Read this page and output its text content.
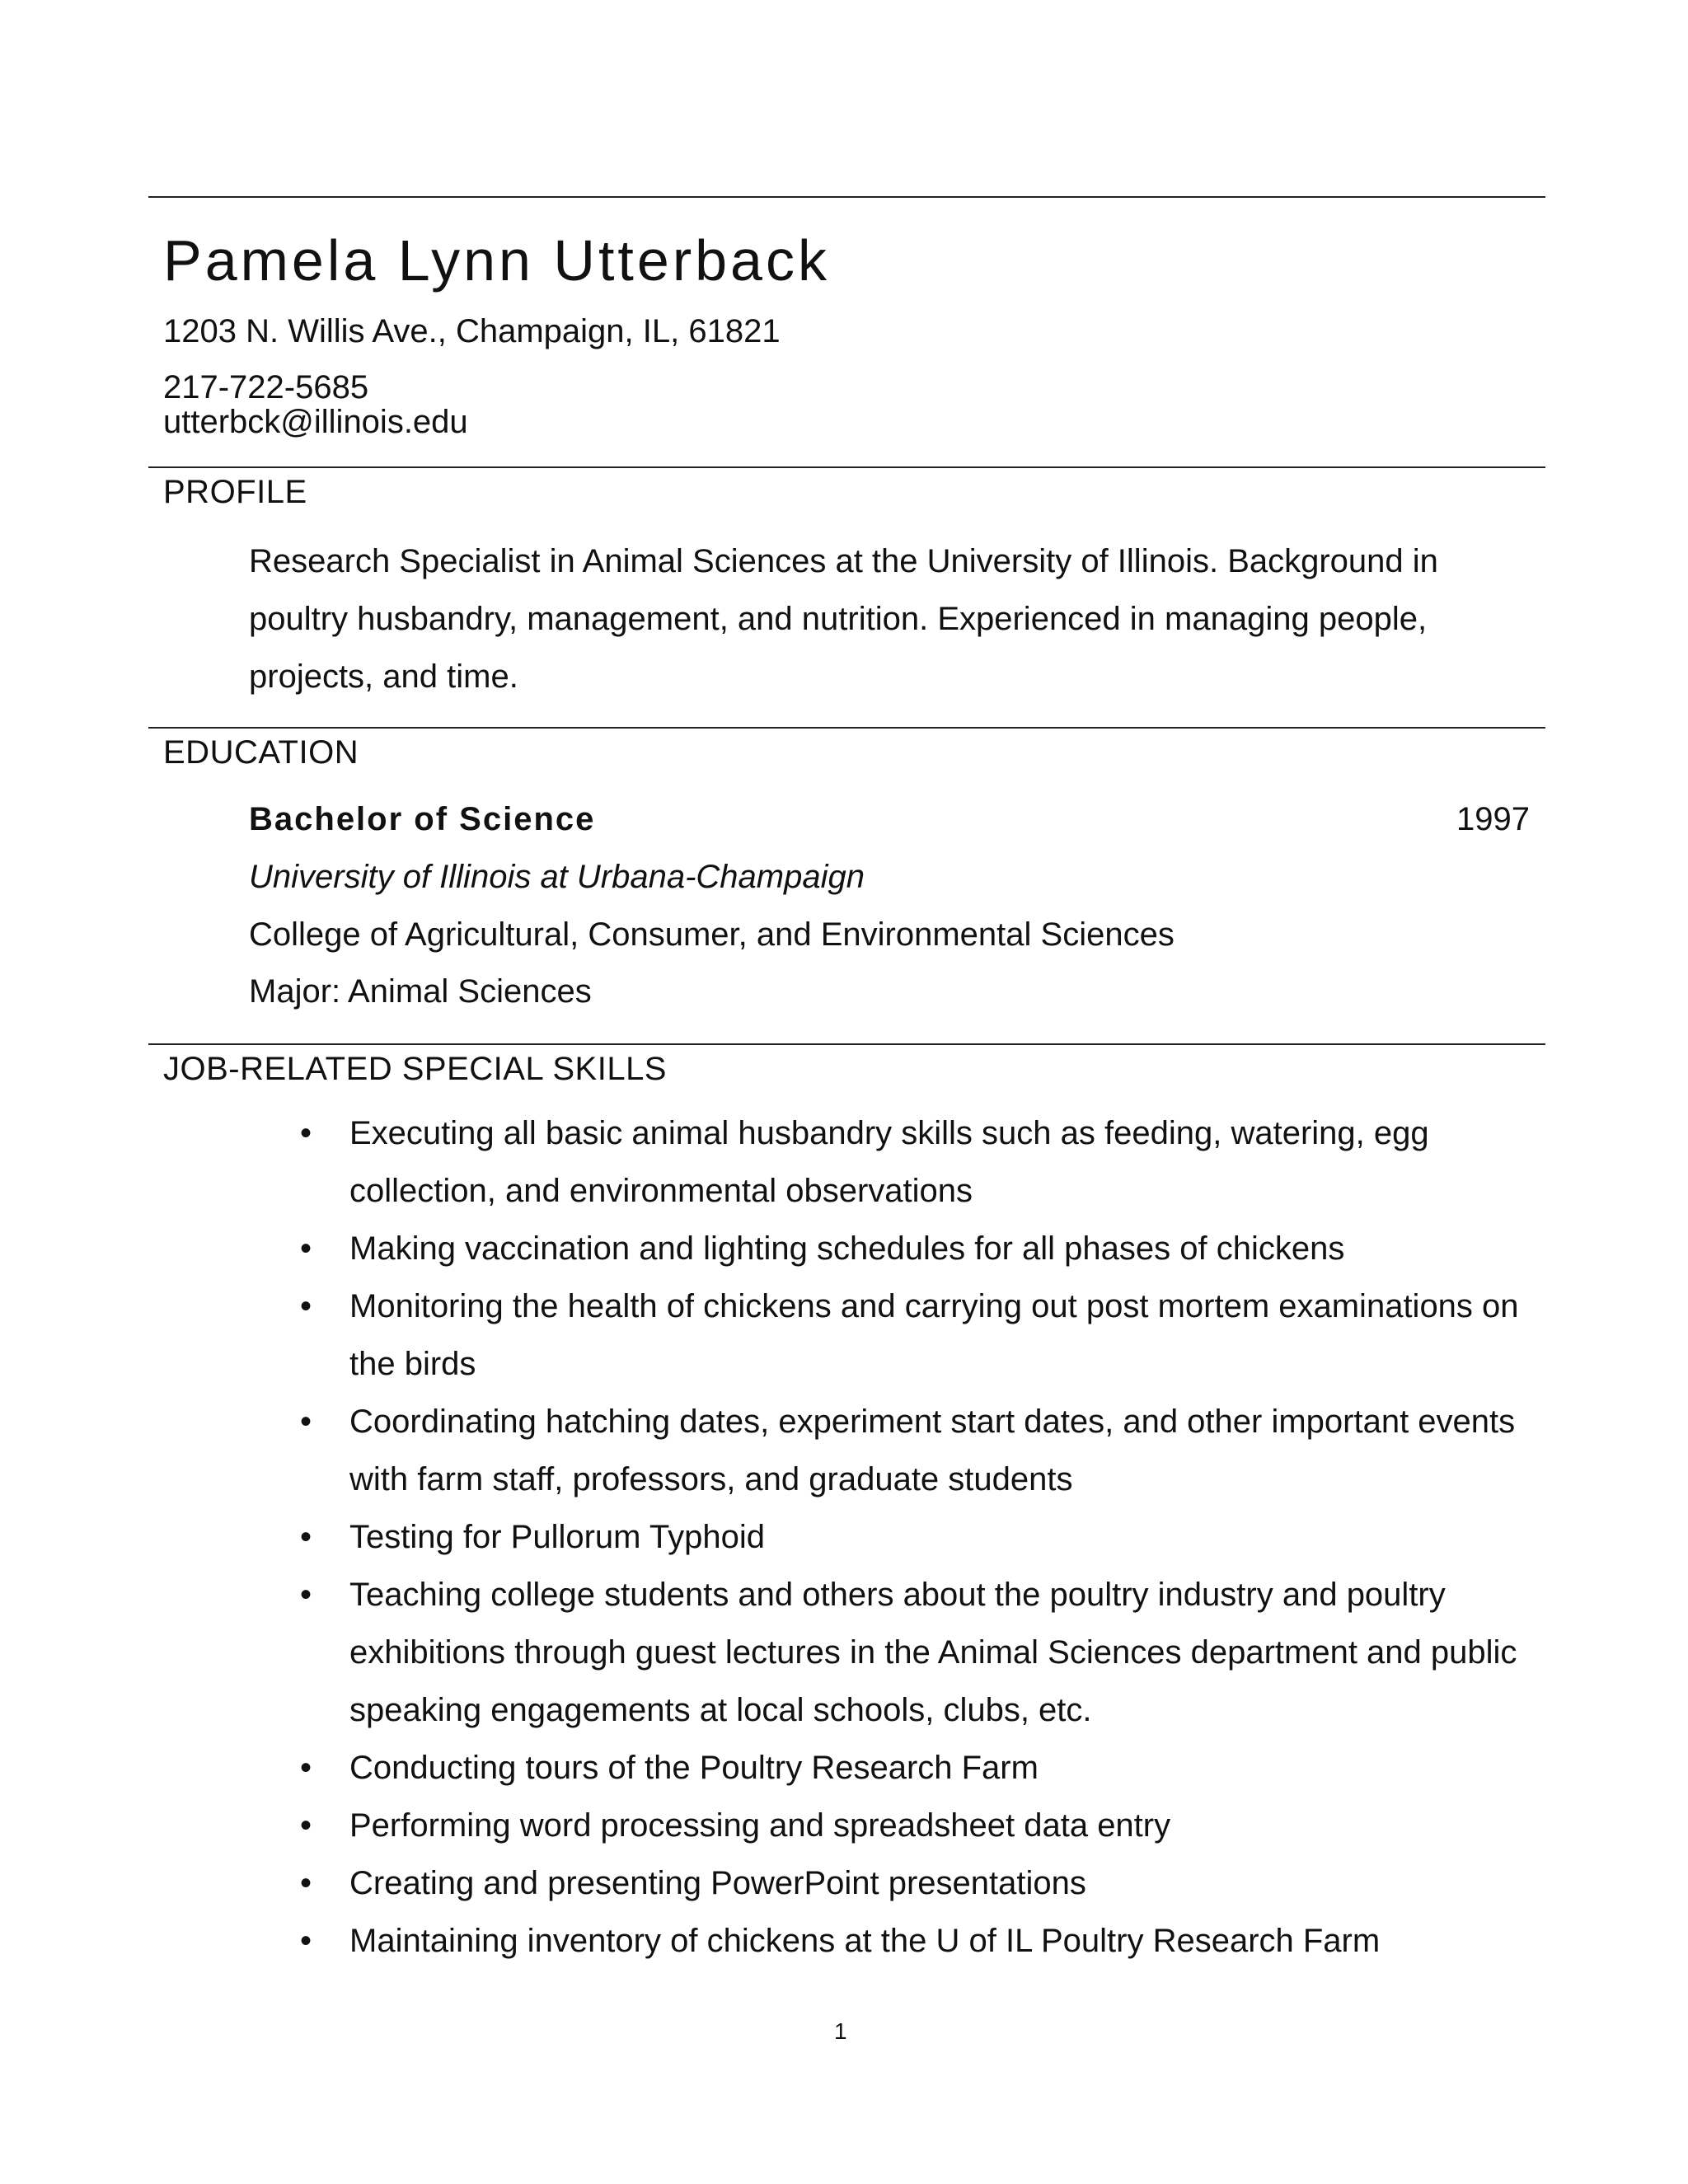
Pamela Lynn Utterback
1203 N. Willis Ave., Champaign, IL, 61821
217-722-5685
utterbck@illinois.edu
PROFILE
Research Specialist in Animal Sciences at the University of Illinois. Background in poultry husbandry, management, and nutrition. Experienced in managing people, projects, and time.
EDUCATION
Bachelor of Science	1997
University of Illinois at Urbana-Champaign
College of Agricultural, Consumer, and Environmental Sciences
Major: Animal Sciences
JOB-RELATED SPECIAL SKILLS
• Executing all basic animal husbandry skills such as feeding, watering, egg collection, and environmental observations
• Making vaccination and lighting schedules for all phases of chickens
• Monitoring the health of chickens and carrying out post mortem examinations on the birds
• Coordinating hatching dates, experiment start dates, and other important events with farm staff, professors, and graduate students
• Testing for Pullorum Typhoid
• Teaching college students and others about the poultry industry and poultry exhibitions through guest lectures in the Animal Sciences department and public speaking engagements at local schools, clubs, etc.
• Conducting tours of the Poultry Research Farm
• Performing word processing and spreadsheet data entry
• Creating and presenting PowerPoint presentations
• Maintaining inventory of chickens at the U of IL Poultry Research Farm
1
